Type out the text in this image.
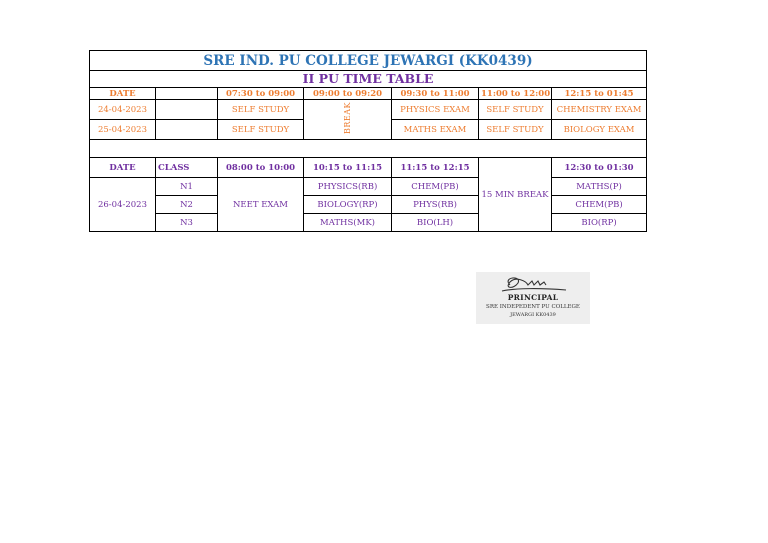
SRE IND. PU COLLEGE JEWARGI (KK0439)						
II PU TIME TABLE						
DATE		07:30 to 09:00	09:00 to 09:20	09:30 to 11:00	11:00 to 12:00	12:15 to 01:45
24-04-2023		SELF STUDY	BREAK	PHYSICS EXAM	SELF STUDY	CHEMISTRY EXAM
25-04-2023		SELF STUDY		MATHS EXAM	SELF STUDY	BIOLOGY EXAM

DATE	CLASS	08:00 to 10:00	10:15 to 11:15	11:15 to 12:15	15 MIN BREAK	12:30 to 01:30
26-04-2023	N1	NEET EXAM	PHYSICS(RB)	CHEM(PB)		MATHS(P)
	N2		BIOLOGY(RP)	PHYS(RB)		CHEM(PB)
	N3		MATHS(MK)	BIO(LH)		BIO(RP)
PRINCIPAL
SRE INDEPEDENT PU COLLEGE
JEWARGI KK0439
